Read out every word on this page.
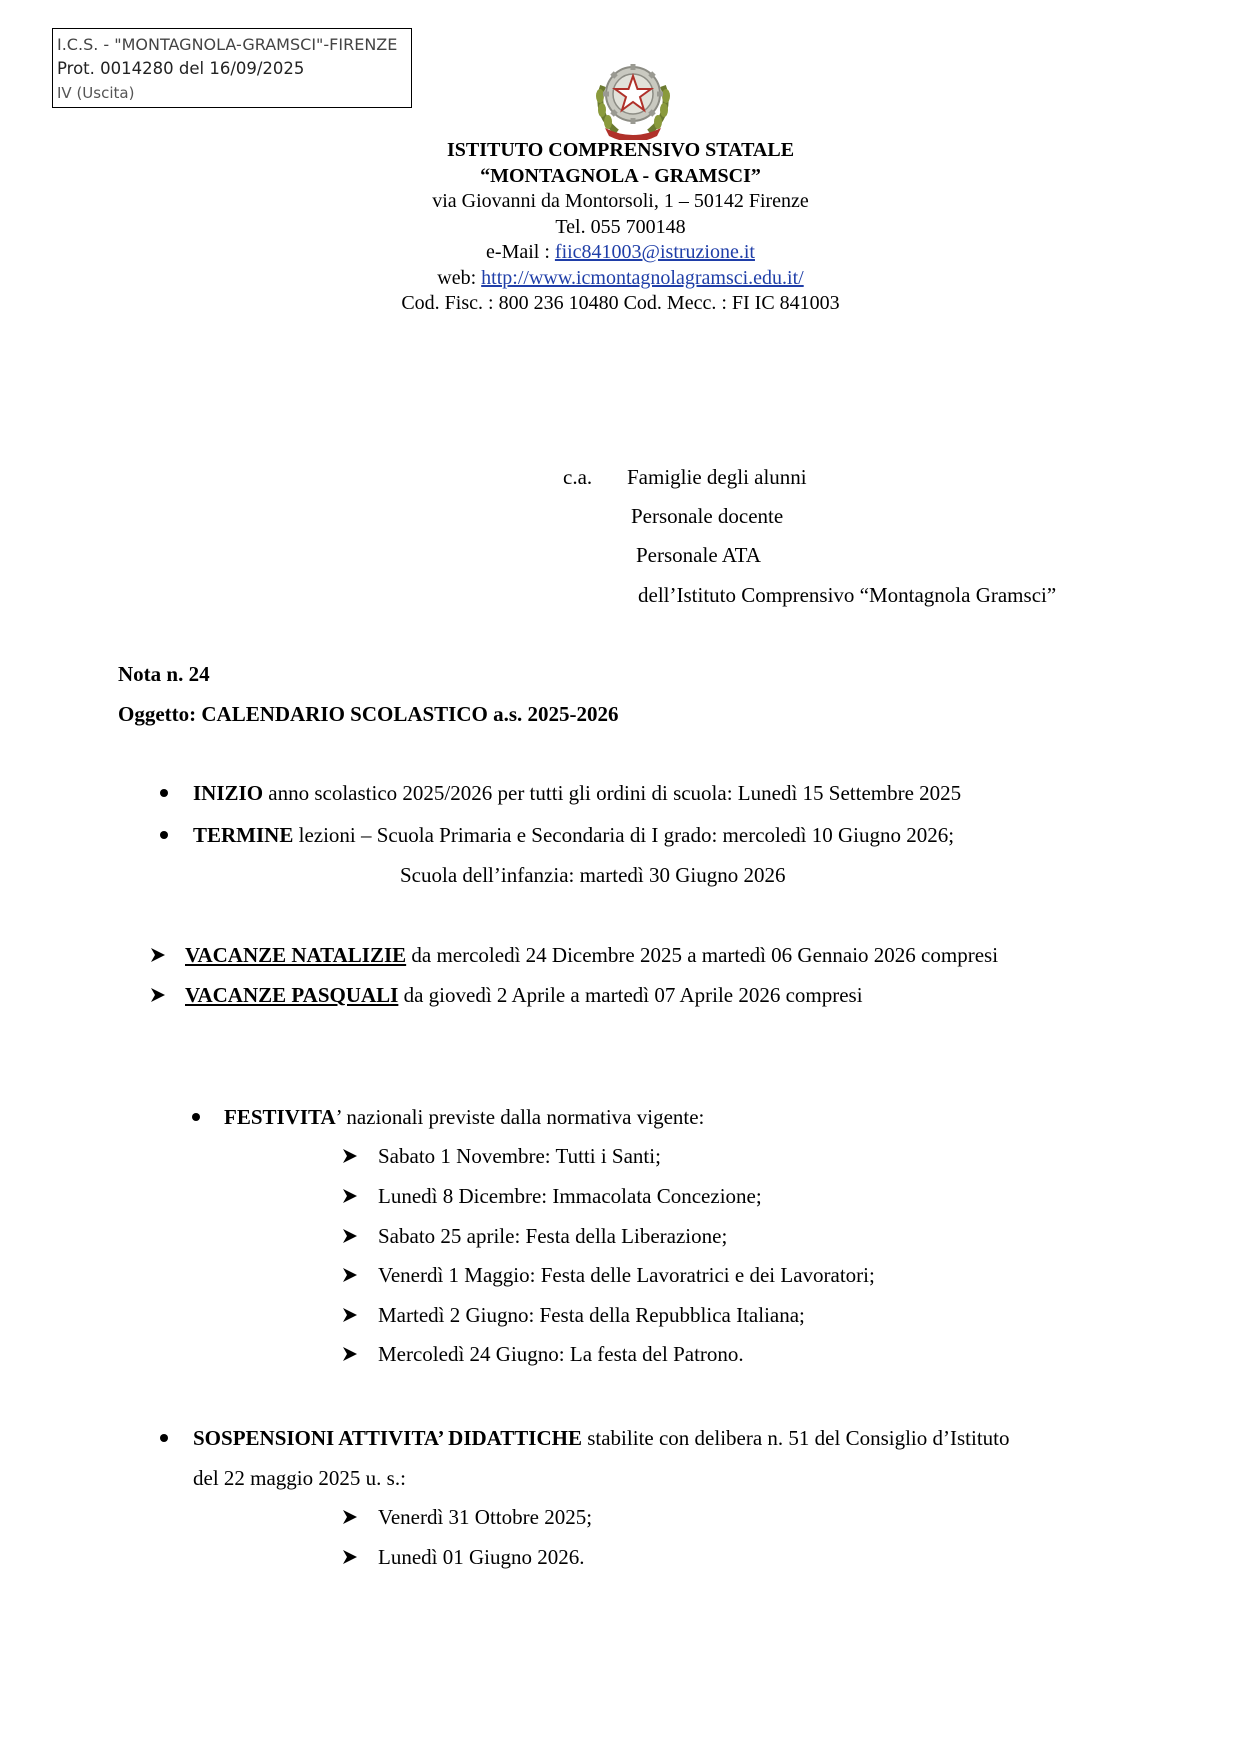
I.C.S. - "MONTAGNOLA-GRAMSCI"-FIRENZE
Prot. 0014280 del 16/09/2025
IV (Uscita)
ISTITUTO COMPRENSIVO STATALE
“MONTAGNOLA - GRAMSCI”
via Giovanni da Montorsoli, 1 – 50142 Firenze
Tel. 055 700148
e-Mail : fiic841003@istruzione.it
web: http://www.icmontagnolagramsci.edu.it/
Cod. Fisc. : 800 236 10480 Cod. Mecc. : FI IC 841003
c.a. Famiglie degli alunni
Personale docente
Personale ATA
dell’Istituto Comprensivo “Montagnola Gramsci”
Nota n. 24
Oggetto: CALENDARIO SCOLASTICO a.s. 2025-2026
INIZIO anno scolastico 2025/2026 per tutti gli ordini di scuola: Lunedì 15 Settembre 2025
TERMINE lezioni – Scuola Primaria e Secondaria di I grado: mercoledì 10 Giugno 2026;
Scuola dell’infanzia: martedì 30 Giugno 2026
VACANZE NATALIZIE da mercoledì 24 Dicembre 2025 a martedì 06 Gennaio 2026 compresi
VACANZE PASQUALI da giovedì 2 Aprile a martedì 07 Aprile 2026 compresi
FESTIVITA’ nazionali previste dalla normativa vigente:
Sabato 1 Novembre: Tutti i Santi;
Lunedì 8 Dicembre: Immacolata Concezione;
Sabato 25 aprile: Festa della Liberazione;
Venerdì 1 Maggio: Festa delle Lavoratrici e dei Lavoratori;
Martedì 2 Giugno: Festa della Repubblica Italiana;
Mercoledì 24 Giugno: La festa del Patrono.
SOSPENSIONI ATTIVITA’ DIDATTICHE stabilite con delibera n. 51 del Consiglio d’Istituto
del 22 maggio 2025 u. s.:
Venerdì 31 Ottobre 2025;
Lunedì 01 Giugno 2026.
